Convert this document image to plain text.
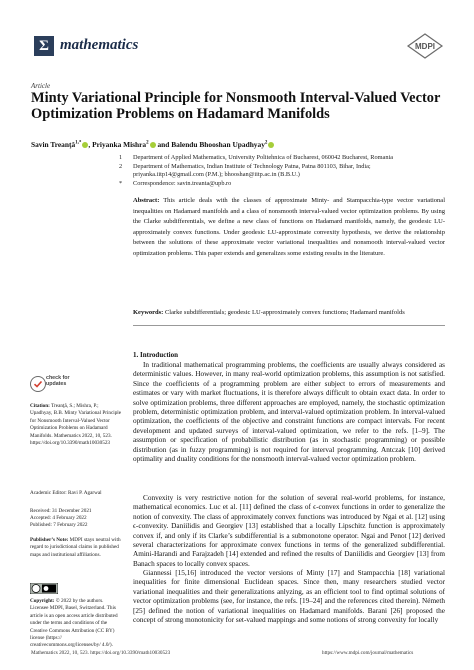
Σ mathematics	MDPI
Article
Minty Variational Principle for Nonsmooth Interval-Valued Vector Optimization Problems on Hadamard Manifolds
Savin Treanţă$^{1,*}$ , Priyanka Mishra$^2$ and Balendu Bhooshan Upadhyay$^2$
1 Department of Applied Mathematics, University Politehnica of Bucharest, 060042 Bucharest, Romania
2 Department of Mathematics, Indian Institute of Technology Patna, Patna 801103, Bihar, India;
priyanka.iitp14@gmail.com (P.M.); bhooshan@iitp.ac.in (B.B.U.)
* Correspondence: savin.treanta@upb.ro
Abstract: This article deals with the classes of approximate Minty- and Stampacchia-type vector variational inequalities on Hadamard manifolds and a class of nonsmooth interval-valued vector optimization problems. By using the Clarke subdifferentials, we define a new class of functions on Hadamard manifolds, namely, the geodesic LU-approximately convex functions. Under geodesic LU-approximate convexity hypothesis, we derive the relationship between the solutions of these approximate vector variational inequalities and nonsmooth interval-valued vector optimization problems. This paper extends and generalizes some existing results in the literature.
Keywords: Clarke subdifferentials; geodesic LU-approximately convex functions; Hadamard manifolds
check for
updates
Citation: Treanţă, S.; Mishra, P.; Upadhyay, B.B. Minty Variational Principle for Nonsmooth Interval-Valued Vector Optimization Problems on Hadamard Manifolds. Mathematics 2022, 10, 523. https://doi.org/10.3390/math10030523
Academic Editor: Ravi P. Agarwal
Received: 31 December 2021
Accepted: 4 February 2022
Published: 7 February 2022
Publisher’s Note: MDPI stays neutral with regard to jurisdictional claims in published maps and institutional affiliations.
Copyright: © 2022 by the authors. Licensee MDPI, Basel, Switzerland. This article is an open access article distributed under the terms and conditions of the Creative Commons Attribution (CC BY) license (https:// creativecommons.org/licenses/by/ 4.0/).
1. Introduction
In traditional mathematical programming problems, the coefficients are usually always considered as deterministic values. However, in many real-world optimization problems, this assumption is not satisfied. Since the coefficients of a programming problem are either subject to errors of measurements and estimates or vary with market fluctuations, it is therefore always difficult to obtain exact data. In order to solve optimization problems, three different approaches are employed, namely, the stochastic optimization problem, deterministic optimization problem, and interval-valued optimization problem. In interval-valued optimization, the coefficients of the objective and constraint functions are compact intervals. For recent development and updated surveys of interval-valued optimization, we refer to the refs. [1–9]. The assumption or specification of probabilistic distribution (as in stochastic programming) or possible distribution (as in fuzzy programming) is not required for interval programming. Antczak [10] derived optimality and duality conditions for the nonsmooth interval-valued vector optimization problem.
Convexity is very restrictive notion for the solution of several real-world problems, for instance, mathematical economics. Luc et al. [11] defined the class of ϵ-convex functions in order to generalize the notion of convexity. The class of approximately convex functions was introduced by Ngai et al. [12] using ϵ-convexity. Daniilidis and Georgiev [13] established that a locally Lipschitz function is approximately convex if, and only if its Clarke’s subdifferential is a submonotone operator. Ngai and Penot [12] derived several characterizations for approximate convex functions in terms of the generalized subdifferential. Amini-Harandi and Farajzadeh [14] extended and refined the results of Daniilidis and Georgiev [13] from Banach spaces to locally convex spaces.
Giannessi [15,16] introduced the vector versions of Minty [17] and Stampacchia [18] variational inequalities for finite dimensional Euclidean spaces. Since then, many researchers studied vector variational inequalities and their generalizations anlyzing, as an efficient tool to find optimal solutions of vector optimization problems (see, for instance, the refs. [19–24] and the references cited therein). Németh [25] defined the notion of variational inequalities on Hadamard manifolds. Barani [26] proposed the concept of strong monotonicity for set-valued mappings and some notions of strong convexity for locally
Mathematics 2022, 10, 523. https://doi.org/10.3390/math10030523	https://www.mdpi.com/journal/mathematics
